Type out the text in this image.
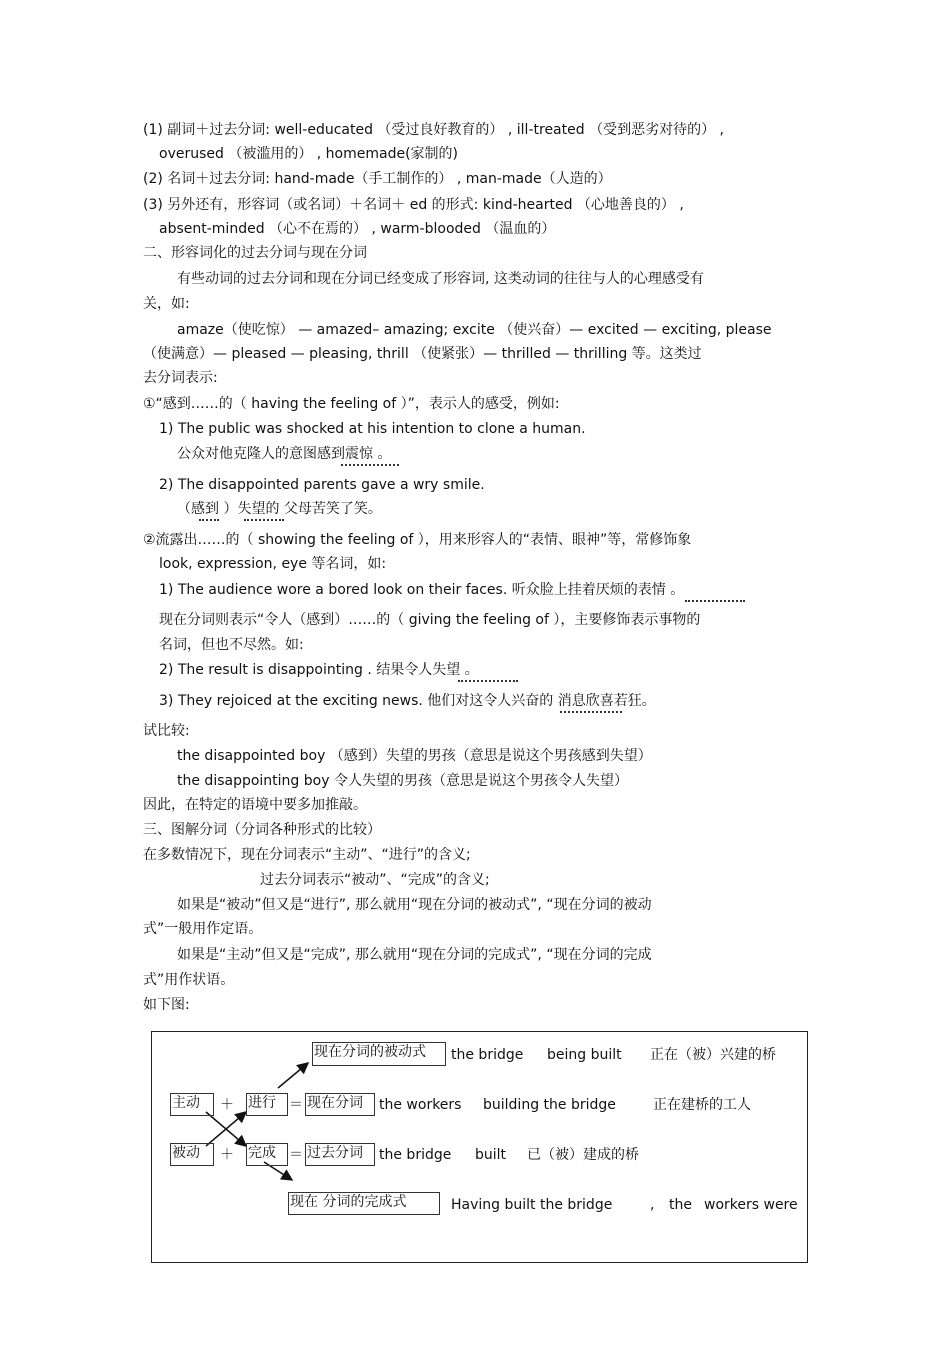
(1) 副词＋过去分词: well-educated （受过良好教育的） , ill-treated （受到恶劣对待的） ,
overused （被滥用的） , homemade(家制的)
(2) 名词＋过去分词: hand-made（手工制作的） , man-made（人造的）
(3) 另外还有，形容词（或名词）＋名词＋ ed 的形式: kind-hearted （心地善良的） ,
absent-minded （心不在焉的） , warm-blooded （温血的）
二、形容词化的过去分词与现在分词
有些动词的过去分词和现在分词已经变成了形容词, 这类动词的往往与人的心理感受有
关，如:
amaze（使吃惊） — amazed– amazing; excite （使兴奋）— excited — exciting, please
（使满意）— pleased — pleasing, thrill （使紧张）— thrilled — thrilling 等。这类过
去分词表示:
①“感到……的（ having the feeling of ）”，表示人的感受，例如:
1) The public was shocked at his intention to clone a human.
公众对他克隆人的意图感到震惊 。
2) The disappointed parents gave a wry smile.
（感到 ）失望的 父母苦笑了笑。
②流露出……的（ showing the feeling of ），用来形容人的“表情、眼神”等，常修饰象
look, expression, eye 等名词，如:
1) The audience wore a bored look on their faces. 听众脸上挂着厌烦的表情 。
现在分词则表示“令人（感到）……的（ giving the feeling of ），主要修饰表示事物的
名词，但也不尽然。如:
2) The result is disappointing . 结果令人失望 。
3) They rejoiced at the exciting news. 他们对这令人兴奋的 消息欣喜若狂。
试比较:
the disappointed boy （感到）失望的男孩（意思是说这个男孩感到失望）
the disappointing boy 令人失望的男孩（意思是说这个男孩令人失望）
因此，在特定的语境中要多加推敲。
三、图解分词（分词各种形式的比较）
在多数情况下，现在分词表示“主动”、“进行”的含义;
过去分词表示“被动”、“完成”的含义;
如果是“被动”但又是“进行”, 那么就用“现在分词的被动式”, “现在分词的被动
式”一般用作定语。
如果是“主动”但又是“完成”, 那么就用“现在分词的完成式”, “现在分词的完成
式”用作状语。
如下图:
现在分词的被动式	the bridge being built 正在（被）兴建的桥
主动	＋ 进行 ＝ 现在分词	the workers building the bridge	正在建桥的工人
被动	＋ 完成 ＝ 过去分词	the bridge built 已（被）建成的桥
现在 分词的完成式	Having built the bridge	, the workers were
